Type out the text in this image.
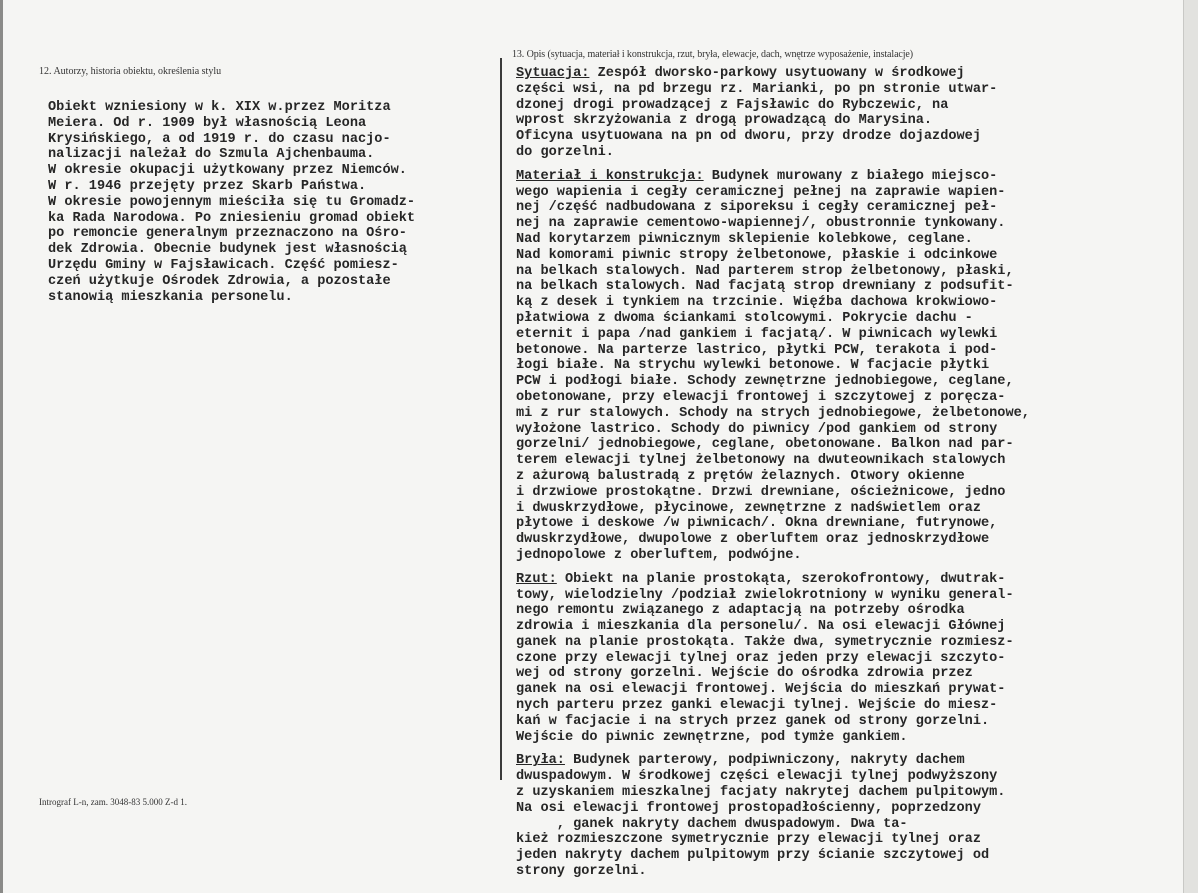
12. Autorzy, historia obiektu, określenia stylu
13. Opis (sytuacja, materiał i konstrukcja, rzut, bryła, elewacje, dach, wnętrze wyposażenie, instalacje)
Obiekt wzniesiony w k. XIX w.przez Moritza
Meiera. Od r. 1909 był własnością Leona
Krysińskiego, a od 1919 r. do czasu nacjo-
nalizacji należał do Szmula Ajchenbauma.
W okresie okupacji użytkowany przez Niemców.
W r. 1946 przejęty przez Skarb Państwa.
W okresie powojennym mieściła się tu Gromadz-
ka Rada Narodowa. Po zniesieniu gromad obiekt
po remoncie generalnym przeznaczono na Ośro-
dek Zdrowia. Obecnie budynek jest własnością
Urzędu Gminy w Fajsławicach. Część pomiesz-
czeń użytkuje Ośrodek Zdrowia, a pozostałe
stanowią mieszkania personelu.
Intrograf L-n, zam. 3048-83 5.000 Z-d 1.
Sytuacja: Zespół dworsko-parkowy usytuowany w środkowej
części wsi, na pd brzegu rz. Marianki, po pn stronie utwar-
dzonej drogi prowadzącej z Fajsławic do Rybczewic, na
wprost skrzyżowania z drogą prowadzącą do Marysina.
Oficyna usytuowana na pn od dworu, przy drodze dojazdowej
do gorzelni.
Materiał i konstrukcja: Budynek murowany z białego miejsco-
wego wapienia i cegły ceramicznej pełnej na zaprawie wapien-
nej /część nadbudowana z siporeksu i cegły ceramicznej peł-
nej na zaprawie cementowo-wapiennej/, obustronnie tynkowany.
Nad korytarzem piwnicznym sklepienie kolebkowe, ceglane.
Nad komorami piwnic stropy żelbetonowe, płaskie i odcinkowe
na belkach stalowych. Nad parterem strop żelbetonowy, płaski,
na belkach stalowych. Nad facjatą strop drewniany z podsufit-
ką z desek i tynkiem na trzcinie. Więźba dachowa krokwiowo-
płatwiowa z dwoma ściankami stolcowymi. Pokrycie dachu -
eternit i papa /nad gankiem i facjatą/. W piwnicach wylewki
betonowe. Na parterze lastrico, płytki PCW, terakota i pod-
łogi białe. Na strychu wylewki betonowe. W facjacie płytki
PCW i podłogi białe. Schody zewnętrzne jednobiegowe, ceglane,
obetonowane, przy elewacji frontowej i szczytowej z poręcza-
mi z rur stalowych. Schody na strych jednobiegowe, żelbetonowe,
wyłożone lastrico. Schody do piwnicy /pod gankiem od strony
gorzelni/ jednobiegowe, ceglane, obetonowane. Balkon nad par-
terem elewacji tylnej żelbetonowy na dwuteownikach stalowych
z ażurową balustradą z prętów żelaznych. Otwory okienne
i drzwiowe prostokątne. Drzwi drewniane, ościeżnicowe, jedno
i dwuskrzydłowe, płycinowe, zewnętrzne z nadświetlem oraz
płytowe i deskowe /w piwnicach/. Okna drewniane, futrynowe,
dwuskrzydłowe, dwupolowe z oberluftem oraz jednoskrzydłowe
jednopolowe z oberluftem, podwójne.
Rzut: Obiekt na planie prostokąta, szerokofrontowy, dwutrak-
towy, wielodzielny /podział zwielokrotniony w wyniku general-
nego remontu związanego z adaptacją na potrzeby ośrodka
zdrowia i mieszkania dla personelu/. Na osi elewacji Głównej
ganek na planie prostokąta. Także dwa, symetrycznie rozmiesz-
czone przy elewacji tylnej oraz jeden przy elewacji szczyto-
wej od strony gorzelni. Wejście do ośrodka zdrowia przez
ganek na osi elewacji frontowej. Wejścia do mieszkań prywat-
nych parteru przez ganki elewacji tylnej. Wejście do miesz-
kań w facjacie i na strych przez ganek od strony gorzelni.
Wejście do piwnic zewnętrzne, pod tymże gankiem.
Bryła: Budynek parterowy, podpiwniczony, nakryty dachem
dwuspadowym. W środkowej części elewacji tylnej podwyższony
z uzyskaniem mieszkalnej facjaty nakrytej dachem pulpitowym.
Na osi elewacji frontowej prostopadłościenny, poprzedzony
, ganek nakryty dachem dwuspadowym. Dwa ta-
kież rozmieszczone symetrycznie przy elewacji tylnej oraz
jeden nakryty dachem pulpitowym przy ścianie szczytowej od
strony gorzelni.
